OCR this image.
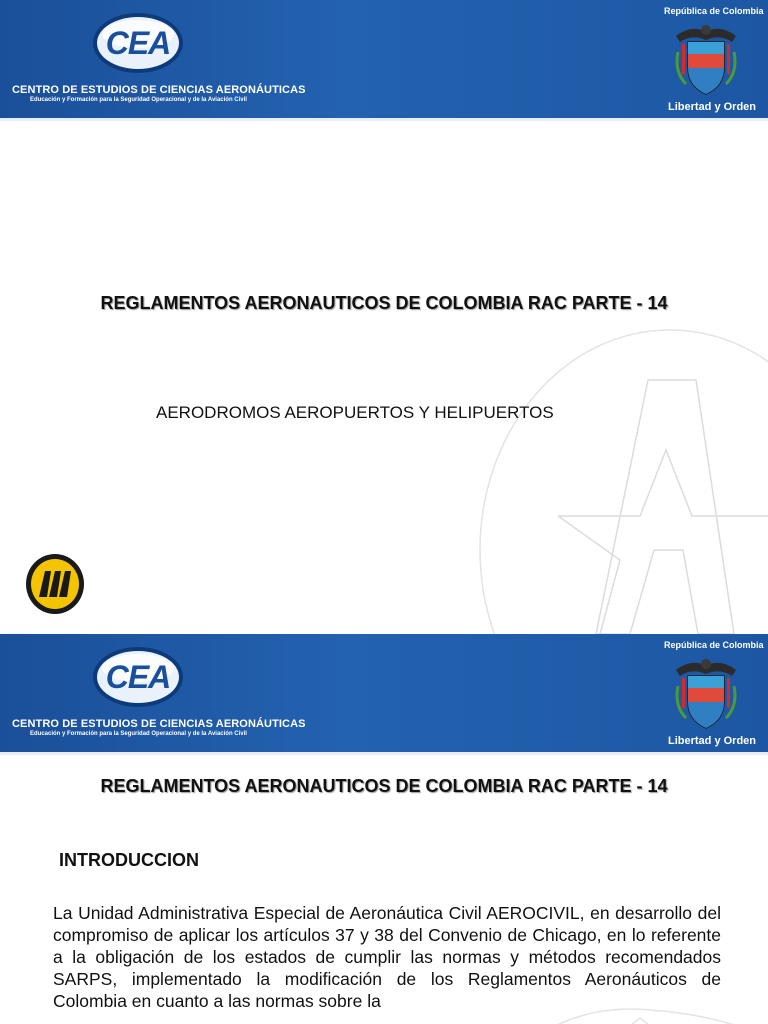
CEA
CENTRO DE ESTUDIOS DE CIENCIAS AERONÁUTICAS
Educación y Formación para la Seguridad Operacional y de la Aviación Civil
República de Colombia
Libertad y Orden
REGLAMENTOS AERONAUTICOS DE COLOMBIA RAC PARTE - 14
AERODROMOS AEROPUERTOS Y HELIPUERTOS
CEA
CENTRO DE ESTUDIOS DE CIENCIAS AERONÁUTICAS
Educación y Formación para la Seguridad Operacional y de la Aviación Civil
República de Colombia
Libertad y Orden
REGLAMENTOS AERONAUTICOS DE COLOMBIA RAC PARTE - 14
INTRODUCCION
La Unidad Administrativa Especial de Aeronáutica Civil AEROCIVIL, en desarrollo del compromiso de aplicar los artículos 37 y 38 del Convenio de Chicago, en lo referente a la obligación de los estados de cumplir las normas y métodos recomendados SARPS, implementado la modificación de los Reglamentos Aeronáuticos de Colombia en cuanto a las normas sobre la
